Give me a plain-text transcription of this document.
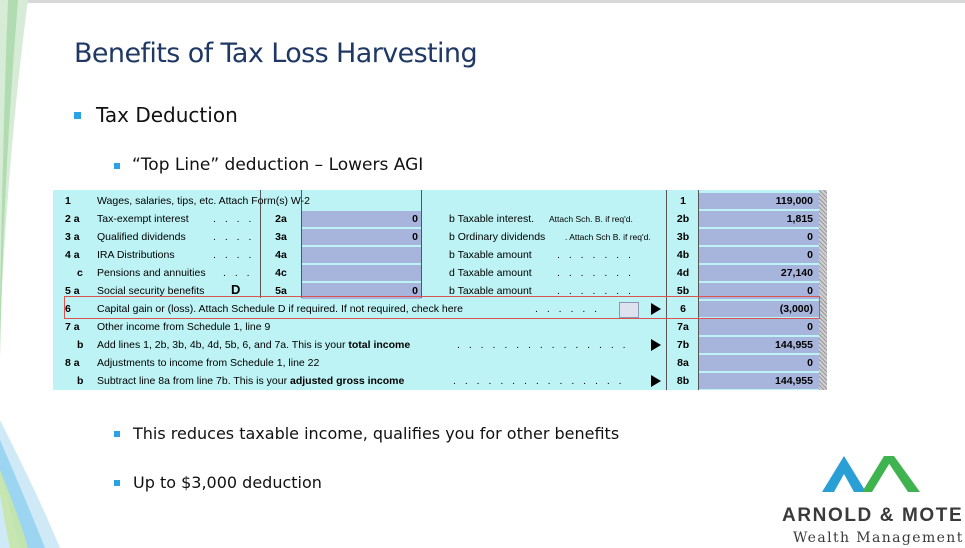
Benefits of Tax Loss Harvesting
Tax Deduction
“Top Line” deduction – Lowers AGI
1 Wages, salaries, tips, etc. Attach Form(s) W-2	1	119,000
2 a Tax-exempt interest . . . .	2a	0	b Taxable interest. Attach Sch. B. if req'd.	2b	1,815
3 a Qualified dividends	. . . .	3a	0	b Ordinary dividends . Attach Sch B. if req'd.	3b	0
4 a IRA Distributions	. . . .	4a	b Taxable amount . . . . . . .	4b	0
c Pensions and annuities . . .	4c	d Taxable amount . . . . . . .	4d	27,140
5 a Social security benefits D	5a	0	b Taxable amount . . . . . . .	5b	0
6 Capital gain or (loss). Attach Schedule D if required. If not required, check here	. . . . . .	6	(3,000)
7 a Other income from Schedule 1, line 9	7a	0
b Add lines 1, 2b, 3b, 4b, 4d, 5b, 6, and 7a. This is your total income	. . . . . . . . . . . . . . .	7b	144,955
8 a Adjustments to income from Schedule 1, line 22	8a	0
b Subtract line 8a from line 7b. This is your adjusted gross income	. . . . . . . . . . . . . . .	8b	144,955
This reduces taxable income, qualifies you for other benefits
Up to $3,000 deduction
ARNOLD & MOTE
Wealth Management
